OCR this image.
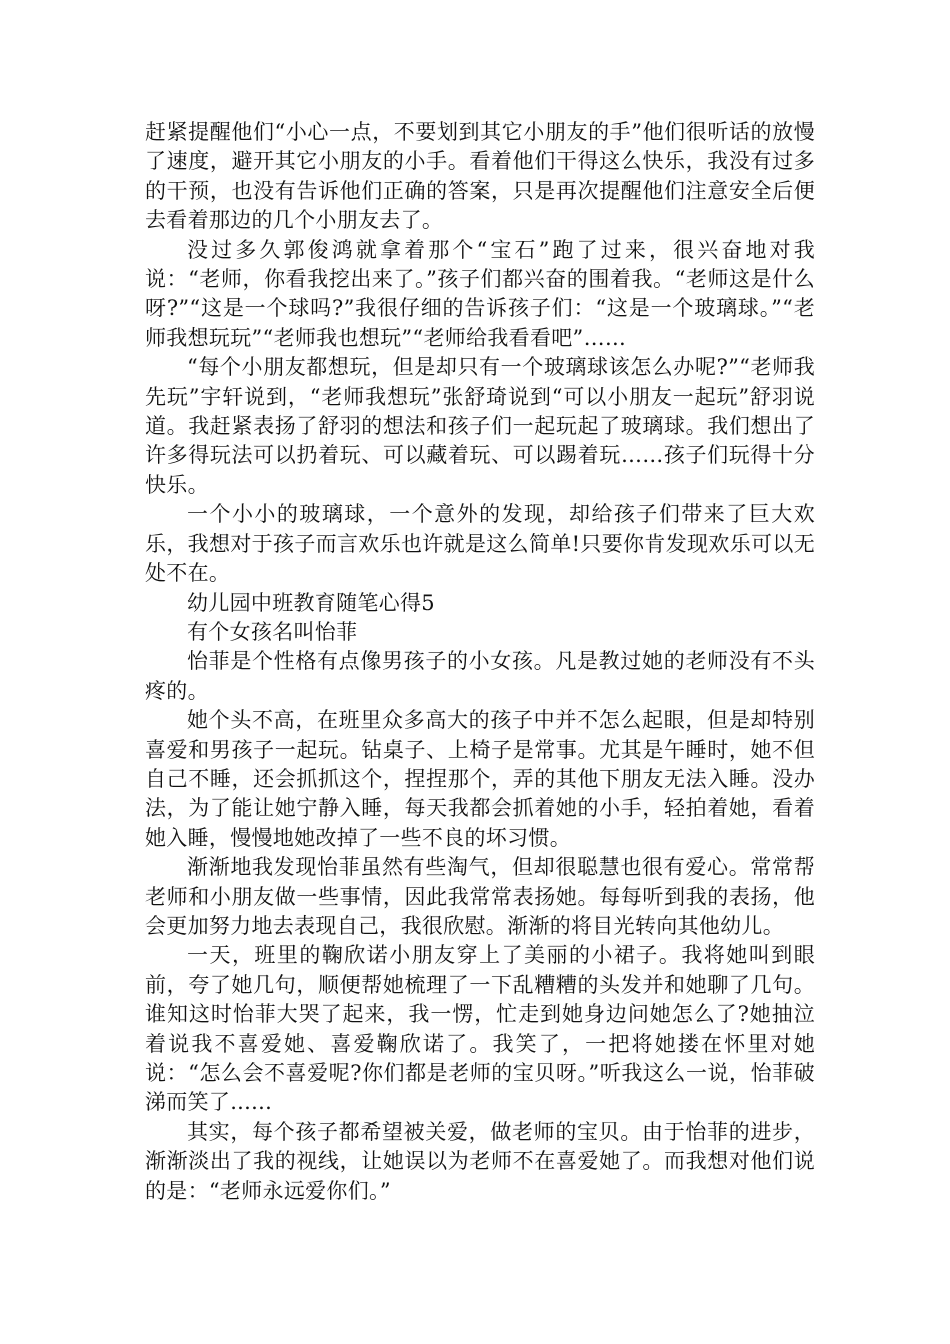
赶紧提醒他们“小心一点，不要划到其它小朋友的手”他们很听话的放慢了速度，避开其它小朋友的小手。看着他们干得这么快乐，我没有过多的干预，也没有告诉他们正确的答案，只是再次提醒他们注意安全后便去看着那边的几个小朋友去了。

没过多久郭俊鸿就拿着那个“宝石”跑了过来，很兴奋地对我说：“老师，你看我挖出来了。”孩子们都兴奋的围着我。“老师这是什么呀?”“这是一个球吗?”我很仔细的告诉孩子们：“这是一个玻璃球。”“老师我想玩玩”“老师我也想玩”“老师给我看看吧”……

“每个小朋友都想玩，但是却只有一个玻璃球该怎么办呢?”“老师我先玩”宇轩说到，“老师我想玩”张舒琦说到“可以小朋友一起玩”舒羽说道。我赶紧表扬了舒羽的想法和孩子们一起玩起了玻璃球。我们想出了许多得玩法可以扔着玩、可以藏着玩、可以踢着玩……孩子们玩得十分快乐。

一个小小的玻璃球，一个意外的发现，却给孩子们带来了巨大欢乐，我想对于孩子而言欢乐也许就是这么简单!只要你肯发现欢乐可以无处不在。

幼儿园中班教育随笔心得5

有个女孩名叫怡菲

怡菲是个性格有点像男孩子的小女孩。凡是教过她的老师没有不头疼的。

她个头不高，在班里众多高大的孩子中并不怎么起眼，但是却特别喜爱和男孩子一起玩。钻桌子、上椅子是常事。尤其是午睡时，她不但自己不睡，还会抓抓这个，捏捏那个，弄的其他下朋友无法入睡。没办法，为了能让她宁静入睡，每天我都会抓着她的小手，轻拍着她，看着她入睡，慢慢地她改掉了一些不良的坏习惯。

渐渐地我发现怡菲虽然有些淘气，但却很聪慧也很有爱心。常常帮老师和小朋友做一些事情，因此我常常表扬她。每每听到我的表扬，他会更加努力地去表现自己，我很欣慰。渐渐的将目光转向其他幼儿。

一天，班里的鞠欣诺小朋友穿上了美丽的小裙子。我将她叫到眼前，夸了她几句，顺便帮她梳理了一下乱糟糟的头发并和她聊了几句。谁知这时怡菲大哭了起来，我一愣，忙走到她身边问她怎么了?她抽泣着说我不喜爱她、喜爱鞠欣诺了。我笑了，一把将她搂在怀里对她说：“怎么会不喜爱呢?你们都是老师的宝贝呀。”听我这么一说，怡菲破涕而笑了......

其实，每个孩子都希望被关爱，做老师的宝贝。由于怡菲的进步，渐渐淡出了我的视线，让她误以为老师不在喜爱她了。而我想对他们说的是：“老师永远爱你们。”
